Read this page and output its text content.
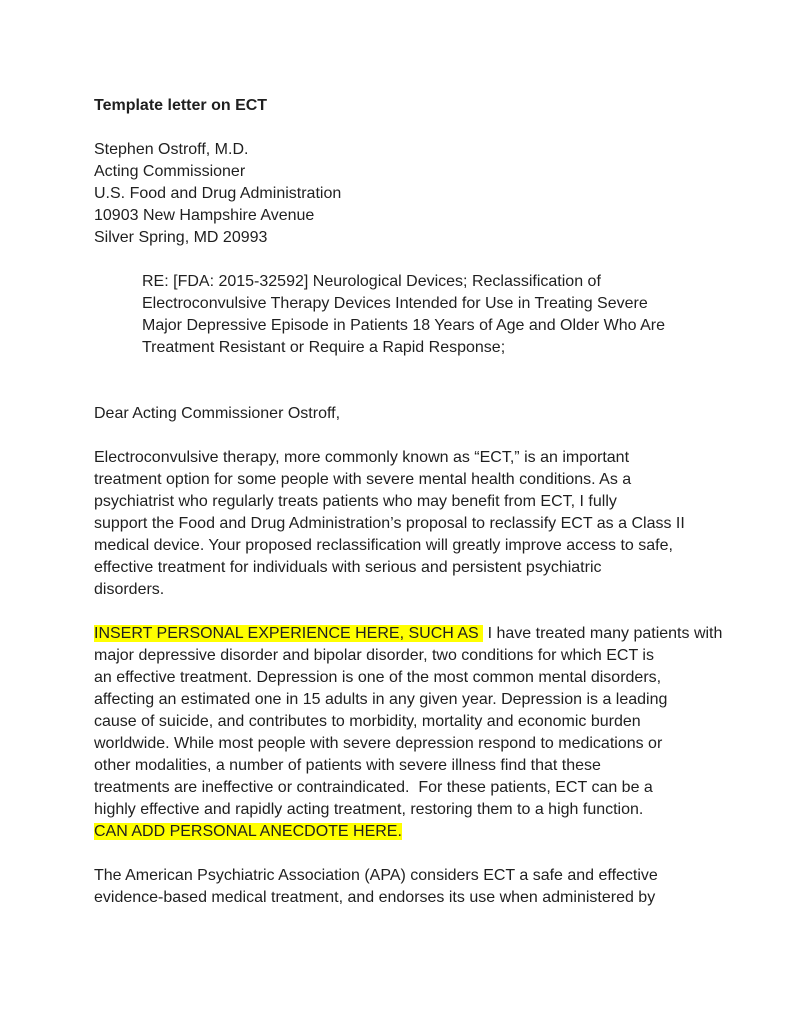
Template letter on ECT
Stephen Ostroff, M.D.
Acting Commissioner
U.S. Food and Drug Administration
10903 New Hampshire Avenue
Silver Spring, MD 20993
RE: [FDA: 2015-32592] Neurological Devices; Reclassification of
Electroconvulsive Therapy Devices Intended for Use in Treating Severe
Major Depressive Episode in Patients 18 Years of Age and Older Who Are
Treatment Resistant or Require a Rapid Response;
Dear Acting Commissioner Ostroff,
Electroconvulsive therapy, more commonly known as “ECT,” is an important
treatment option for some people with severe mental health conditions. As a
psychiatrist who regularly treats patients who may benefit from ECT, I fully
support the Food and Drug Administration’s proposal to reclassify ECT as a Class II
medical device. Your proposed reclassification will greatly improve access to safe,
effective treatment for individuals with serious and persistent psychiatric
disorders.
INSERT PERSONAL EXPERIENCE HERE, SUCH AS  I have treated many patients with
major depressive disorder and bipolar disorder, two conditions for which ECT is
an effective treatment. Depression is one of the most common mental disorders,
affecting an estimated one in 15 adults in any given year. Depression is a leading
cause of suicide, and contributes to morbidity, mortality and economic burden
worldwide. While most people with severe depression respond to medications or
other modalities, a number of patients with severe illness find that these
treatments are ineffective or contraindicated.  For these patients, ECT can be a
highly effective and rapidly acting treatment, restoring them to a high function.
CAN ADD PERSONAL ANECDOTE HERE.
The American Psychiatric Association (APA) considers ECT a safe and effective
evidence-based medical treatment, and endorses its use when administered by
